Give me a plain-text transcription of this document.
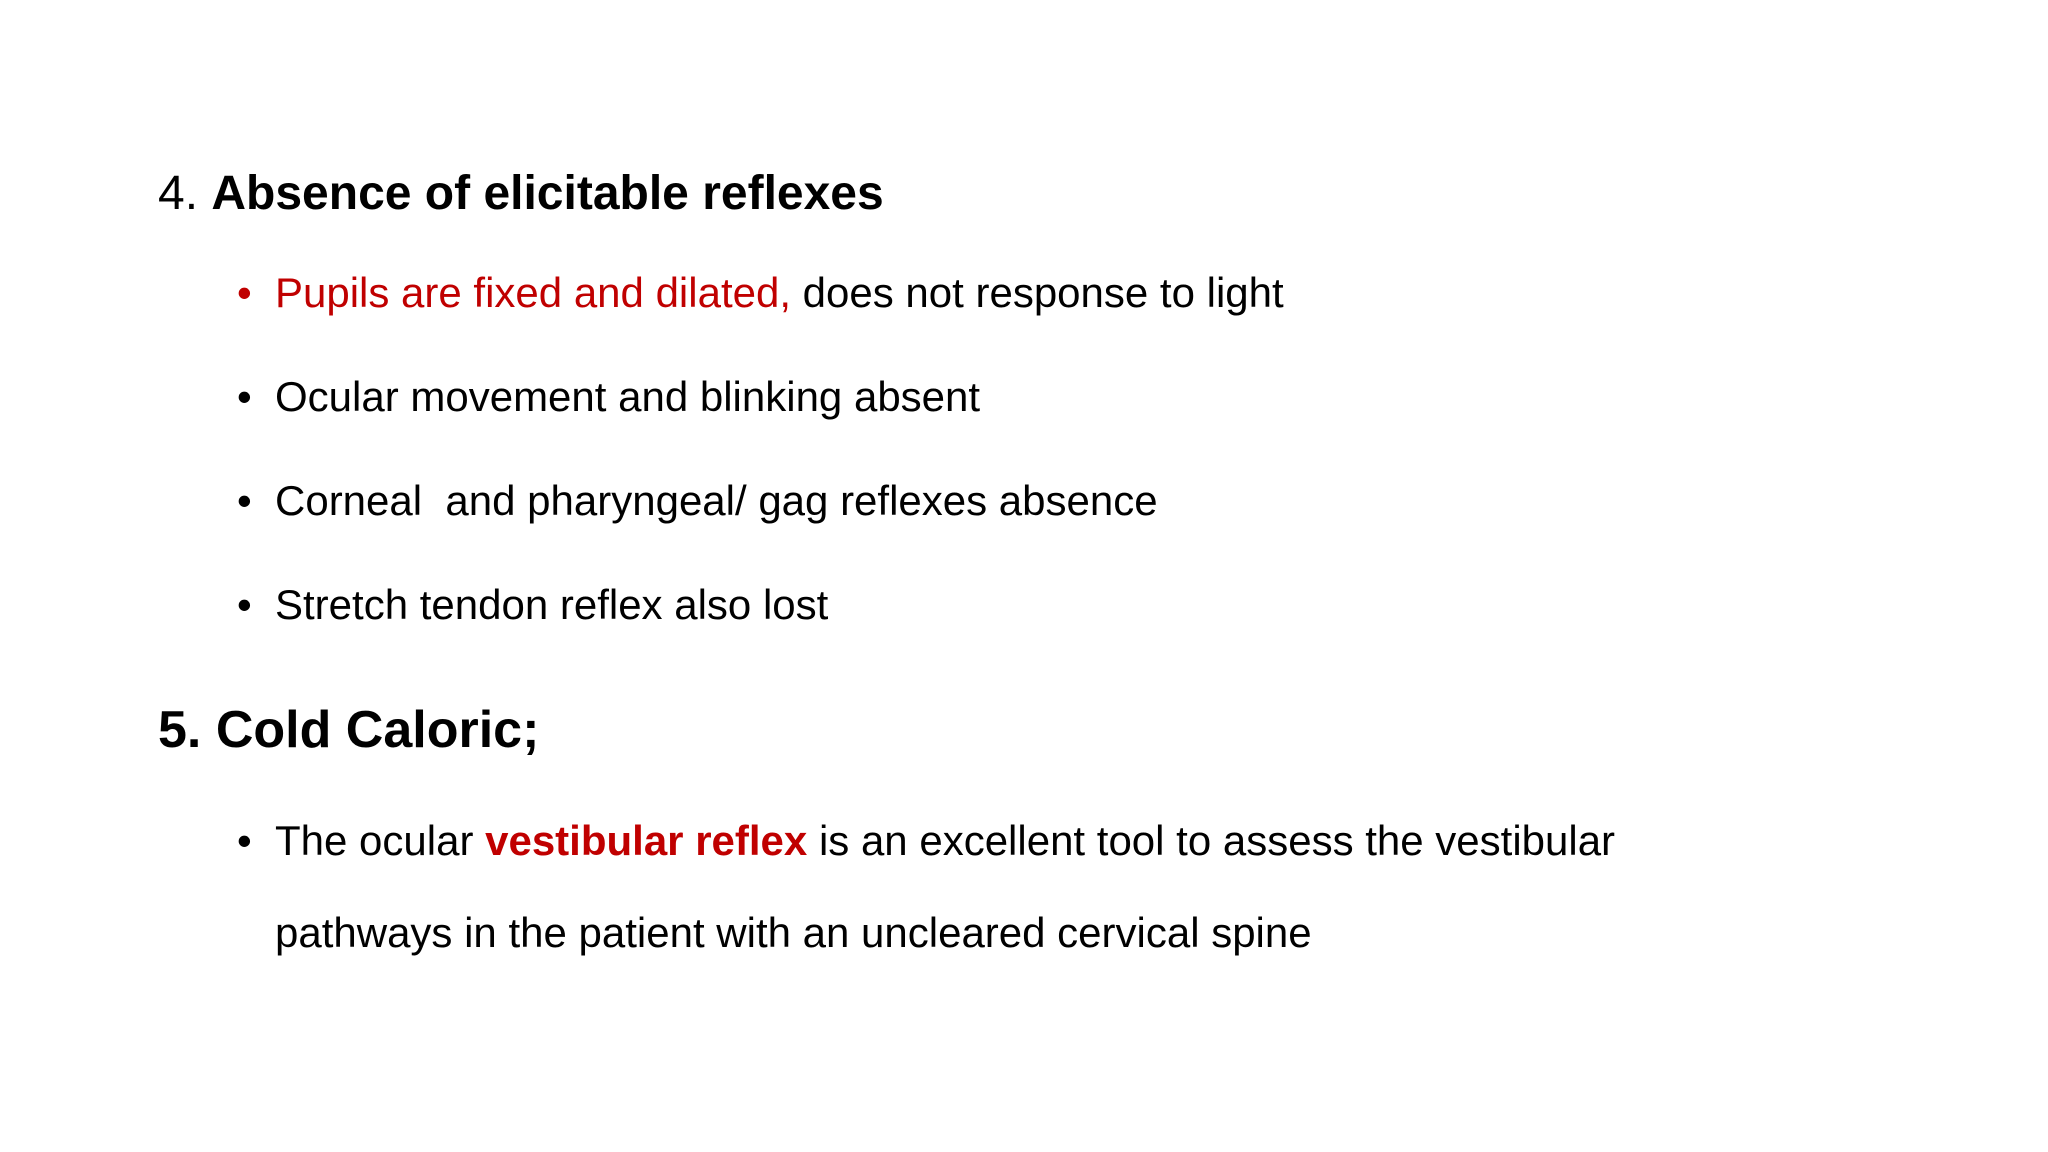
4. Absence of elicitable reflexes
• Pupils are fixed and dilated, does not response to light
• Ocular movement and blinking absent
• Corneal  and pharyngeal/ gag reflexes absence
• Stretch tendon reflex also lost
5. Cold Caloric;
• The ocular vestibular reflex is an excellent tool to assess the vestibular
pathways in the patient with an uncleared cervical spine
